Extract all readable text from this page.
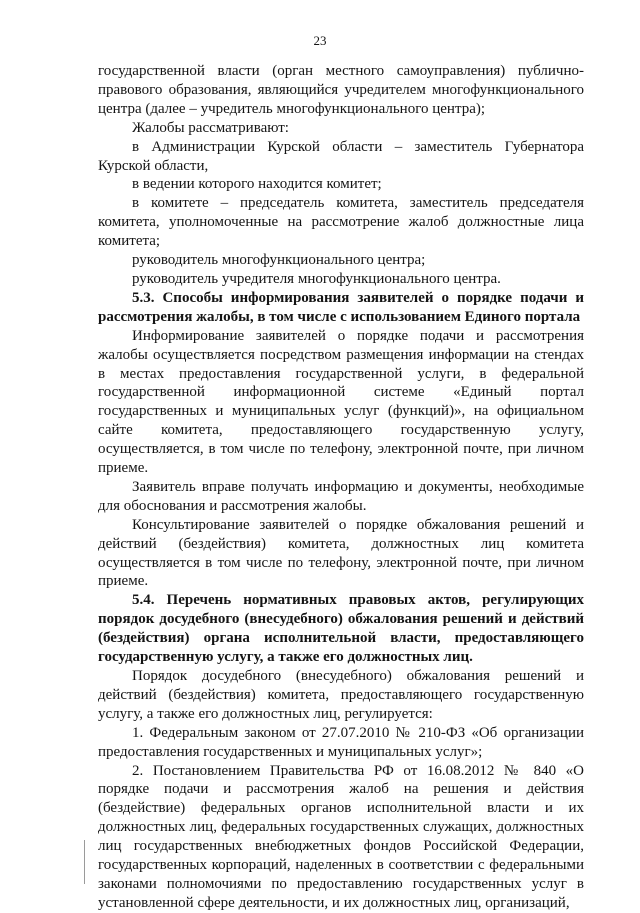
23

государственной власти (орган местного самоуправления) публично-правового образования, являющийся учредителем многофункционального центра (далее – учредитель многофункционального центра);

Жалобы рассматривают:

в Администрации Курской области – заместитель Губернатора Курской области,

в ведении которого находится комитет;

в комитете – председатель комитета, заместитель председателя комитета, уполномоченные на рассмотрение жалоб должностные лица комитета;

руководитель многофункционального центра;

руководитель учредителя многофункционального центра.

5.3. Способы информирования заявителей о порядке подачи и рассмотрения жалобы, в том числе с использованием Единого портала

Информирование заявителей о порядке подачи и рассмотрения жалобы осуществляется посредством размещения информации на стендах в местах предоставления государственной услуги, в федеральной государственной информационной системе «Единый портал государственных и муниципальных услуг (функций)», на официальном сайте комитета, предоставляющего государственную услугу, осуществляется, в том числе по телефону, электронной почте, при личном приеме.

Заявитель вправе получать информацию и документы, необходимые для обоснования и рассмотрения жалобы.

Консультирование заявителей о порядке обжалования решений и действий (бездействия) комитета, должностных лиц комитета осуществляется в том числе по телефону, электронной почте, при личном приеме.

5.4. Перечень нормативных правовых актов, регулирующих порядок досудебного (внесудебного) обжалования решений и действий (бездействия) органа исполнительной власти, предоставляющего государственную услугу, а также его должностных лиц.

Порядок досудебного (внесудебного) обжалования решений и действий (бездействия) комитета, предоставляющего государственную услугу, а также его должностных лиц, регулируется:

1. Федеральным законом от 27.07.2010 № 210-ФЗ «Об организации предоставления государственных и муниципальных услуг»;

2. Постановлением Правительства РФ от 16.08.2012 № 840 «О порядке подачи и рассмотрения жалоб на решения и действия (бездействие) федеральных органов исполнительной власти и их должностных лиц, федеральных государственных служащих, должностных лиц государственных внебюджетных фондов Российской Федерации, государственных корпораций, наделенных в соответствии с федеральными законами полномочиями по предоставлению государственных услуг в установленной сфере деятельности, и их должностных лиц, организаций,
